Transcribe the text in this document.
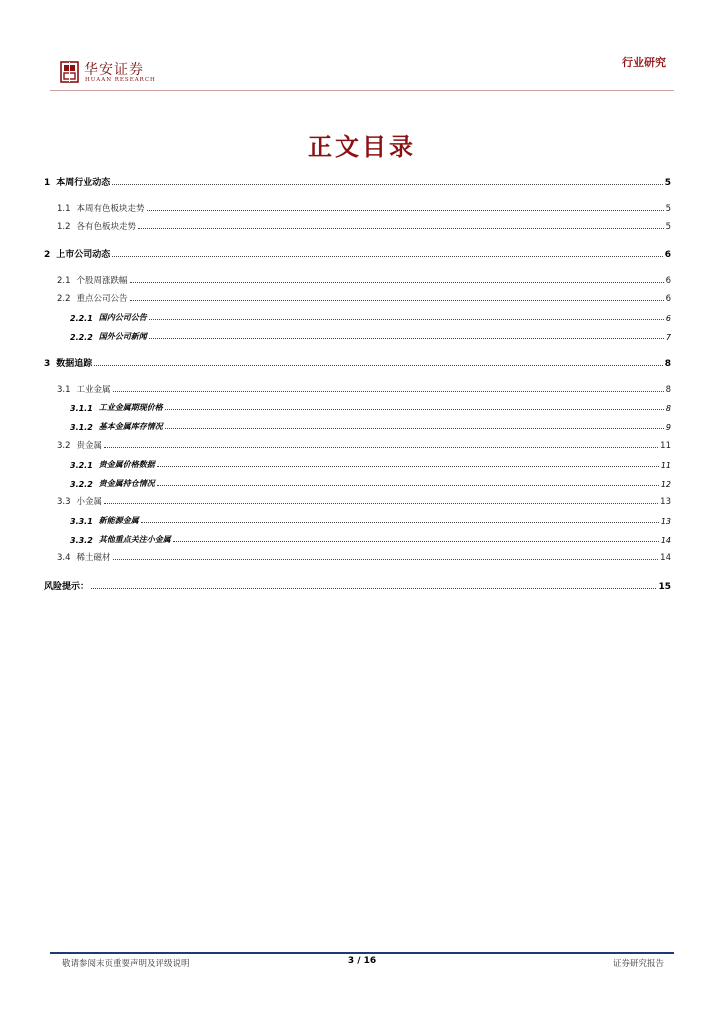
华安证券
HUAAN RESEARCH
行业研究
正文目录
1 本周行业动态	5
1.1 本周有色板块走势	5
1.2 各有色板块走势	5
2 上市公司动态	6
2.1 个股周涨跌幅	6
2.2 重点公司公告	6
2.2.1 国内公司公告	6
2.2.2 国外公司新闻	7
3 数据追踪	8
3.1 工业金属	8
3.1.1 工业金属期现价格	8
3.1.2 基本金属库存情况	9
3.2 贵金属	11
3.2.1 贵金属价格数据	11
3.2.2 贵金属持仓情况	12
3.3 小金属	13
3.3.1 新能源金属	13
3.3.2 其他重点关注小金属	14
3.4 稀土磁材	14
风险提示：	15
敬请参阅末页重要声明及评级说明	3 / 16	证券研究报告
